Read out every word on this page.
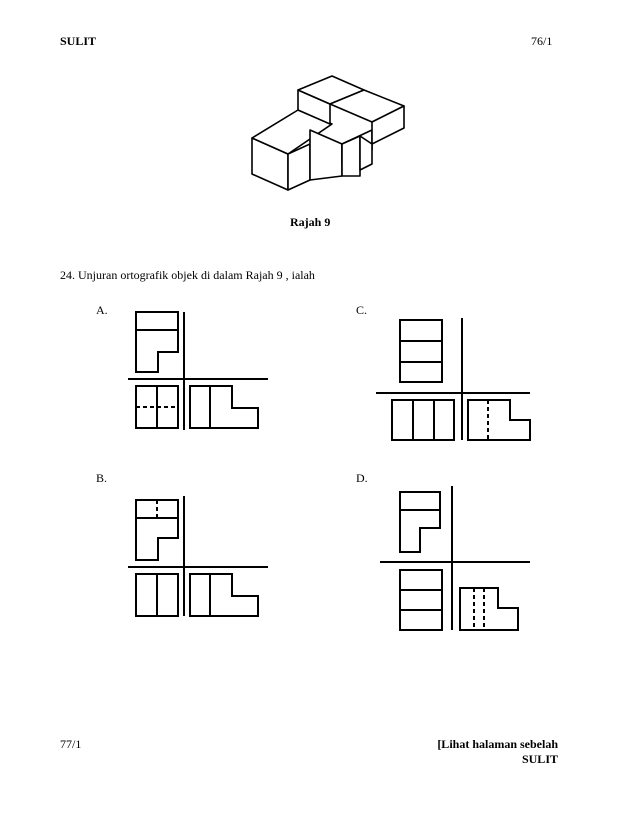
SULIT	76/1
Rajah 9
24. Unjuran ortografik objek di dalam Rajah 9 , ialah
A.	C.
B.	D.
77/1	[Lihat halaman sebelah
SULIT
